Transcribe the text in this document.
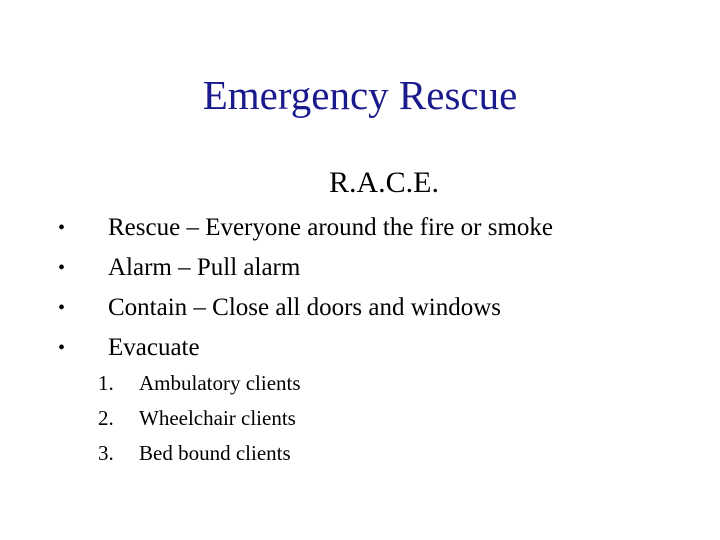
Emergency Rescue
R.A.C.E.
• Rescue – Everyone around the fire or smoke
• Alarm – Pull alarm
• Contain – Close all doors and windows
• Evacuate
1.	Ambulatory clients
2.	Wheelchair clients
3.	Bed bound clients
